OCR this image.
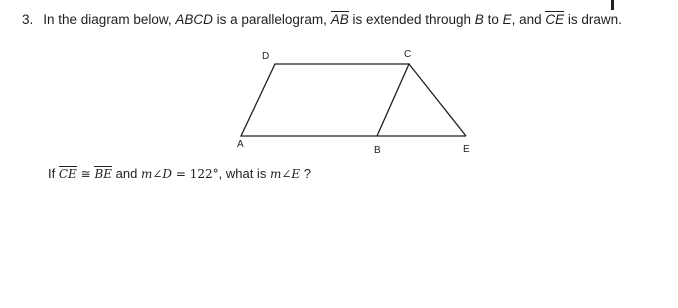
3. In the diagram below, ABCD is a parallelogram, AB is extended through B to E, and CE is drawn.
D	C
A
B	E
If CE ≅ BE and m∠D = 122°, what is m∠E ?
